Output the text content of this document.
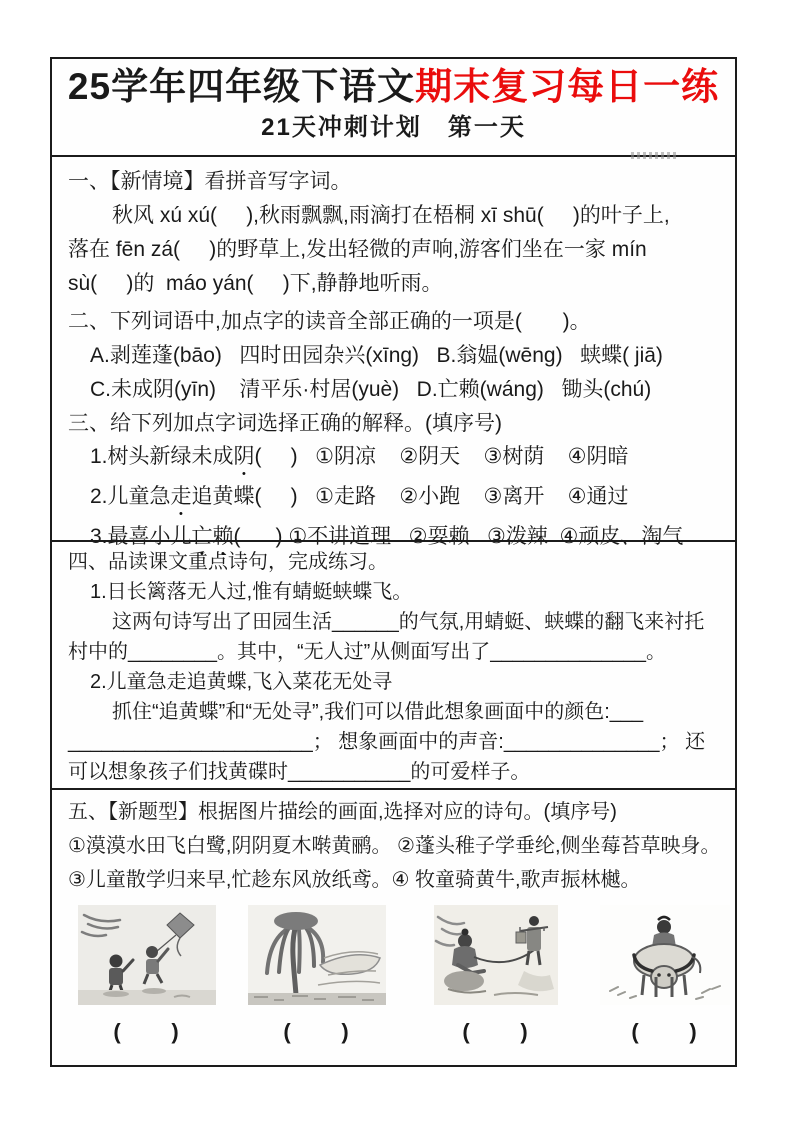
25学年四年级下语文期末复习每日一练
21天冲刺计划　第一天
一、【新情境】看拼音写字词。
秋风 xú xú(     ),秋雨飘飘,雨滴打在梧桐 xī shū(     )的叶子上,
落在 fēn zá(     )的野草上,发出轻微的声响,游客们坐在一家 mín
sù(     )的  máo yán(     )下,静静地听雨。
二、下列词语中,加点字的读音全部正确的一项是(       )。
A.剥莲蓬(bāo)   四时田园杂兴(xīng)   B.翁媪(wēng)   蛱蝶( jiā)
C.未成阴(yīn)    清平乐·村居(yuè)   D.亡赖(wáng)   锄头(chú)
三、给下列加点字词选择正确的解释。(填序号)
1.树头新绿未成阴(     )   ①阴凉    ②阴天    ③树荫    ④阴暗
2.儿童急走追黄蝶(     )   ①走路    ②小跑    ③离开    ④通过
3.最喜小儿亡赖(      ) ①不讲道理   ②耍赖   ③泼辣  ④顽皮、淘气
四、品读课文重点诗句，完成练习。
1.日长篱落无人过,惟有蜻蜓蛱蝶飞。
这两句诗写出了田园生活______的气氛,用蜻蜓、蛱蝶的翻飞来衬托
村中的________。其中，“无人过”从侧面写出了______________。
2.儿童急走追黄蝶,飞入菜花无处寻
抓住“追黄蝶”和“无处寻”,我们可以借此想象画面中的颜色:___
______________________； 想象画面中的声音:______________； 还
可以想象孩子们找黄碟时___________的可爱样子。
五、【新题型】根据图片描绘的画面,选择对应的诗句。(填序号)
①漠漠水田飞白鹭,阴阴夏木啭黄鹂。 ②蓬头稚子学垂纶,侧坐莓苔草映身。
③儿童散学归来早,忙趁东风放纸鸢。④ 牧童骑黄牛,歌声振林樾。
(      )	(      )	(      )	(      )
